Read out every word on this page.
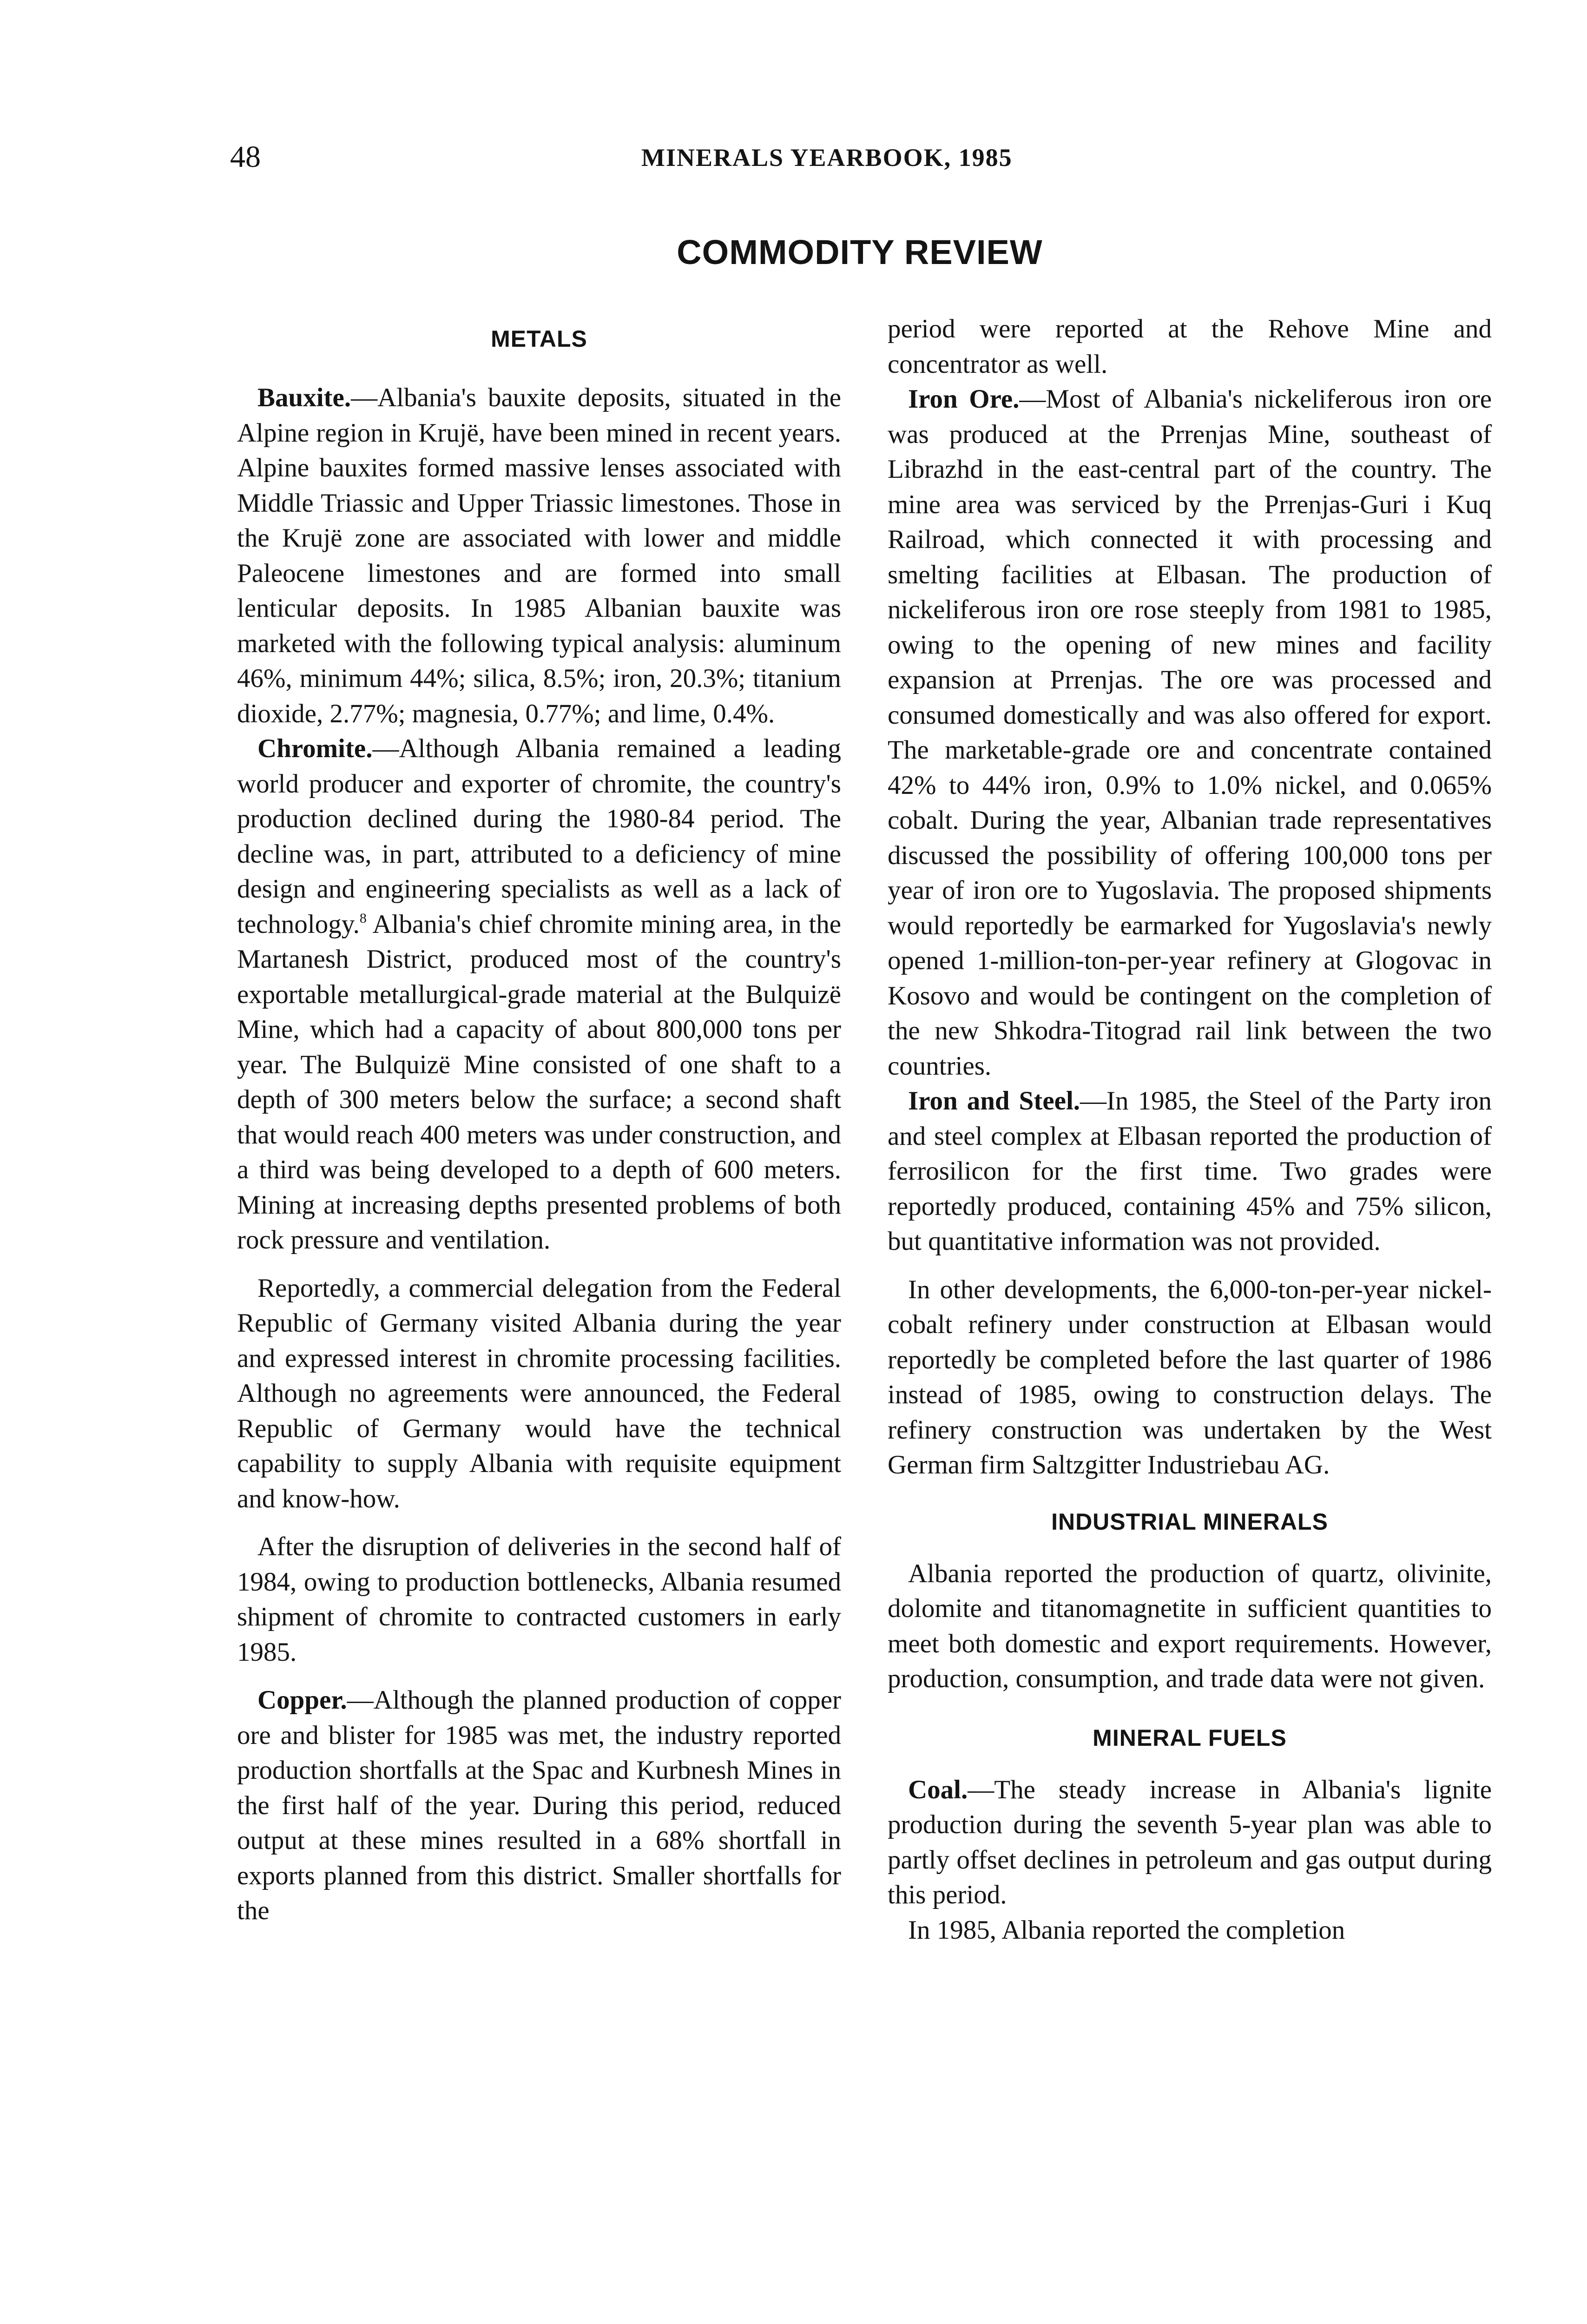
48	MINERALS YEARBOOK, 1985
COMMODITY REVIEW
METALS

Bauxite.—Albania's bauxite deposits, situated in the Alpine region in Krujë, have been mined in recent years. Alpine bauxites formed massive lenses associated with Middle Triassic and Upper Triassic limestones. Those in the Krujë zone are associated with lower and middle Paleocene limestones and are formed into small lenticular deposits. In 1985 Albanian bauxite was marketed with the following typical analysis: aluminum 46%, minimum 44%; silica, 8.5%; iron, 20.3%; titanium dioxide, 2.77%; magnesia, 0.77%; and lime, 0.4%.

Chromite.—Although Albania remained a leading world producer and exporter of chromite, the country's production declined during the 1980-84 period. The decline was, in part, attributed to a deficiency of mine design and engineering specialists as well as a lack of technology.$^8$ Albania's chief chromite mining area, in the Martanesh District, produced most of the country's exportable metallurgical-grade material at the Bulquizë Mine, which had a capacity of about 800,000 tons per year. The Bulquizë Mine consisted of one shaft to a depth of 300 meters below the surface; a second shaft that would reach 400 meters was under construction, and a third was being developed to a depth of 600 meters. Mining at increasing depths presented problems of both rock pressure and ventilation.

Reportedly, a commercial delegation from the Federal Republic of Germany visited Albania during the year and expressed interest in chromite processing facilities. Although no agreements were announced, the Federal Republic of Germany would have the technical capability to supply Albania with requisite equipment and know-how.

After the disruption of deliveries in the second half of 1984, owing to production bottlenecks, Albania resumed shipment of chromite to contracted customers in early 1985.

Copper.—Although the planned production of copper ore and blister for 1985 was met, the industry reported production shortfalls at the Spac and Kurbnesh Mines in the first half of the year. During this period, reduced output at these mines resulted in a 68% shortfall in exports planned from this district. Smaller shortfalls for the

period were reported at the Rehove Mine and concentrator as well.

Iron Ore.—Most of Albania's nickeliferous iron ore was produced at the Prrenjas Mine, southeast of Librazhd in the east-central part of the country. The mine area was serviced by the Prrenjas-Guri i Kuq Railroad, which connected it with processing and smelting facilities at Elbasan. The production of nickeliferous iron ore rose steeply from 1981 to 1985, owing to the opening of new mines and facility expansion at Prrenjas. The ore was processed and consumed domestically and was also offered for export. The marketable-grade ore and concentrate contained 42% to 44% iron, 0.9% to 1.0% nickel, and 0.065% cobalt. During the year, Albanian trade representatives discussed the possibility of offering 100,000 tons per year of iron ore to Yugoslavia. The proposed shipments would reportedly be earmarked for Yugoslavia's newly opened 1-million-ton-per-year refinery at Glogovac in Kosovo and would be contingent on the completion of the new Shkodra-Titograd rail link between the two countries.

Iron and Steel.—In 1985, the Steel of the Party iron and steel complex at Elbasan reported the production of ferrosilicon for the first time. Two grades were reportedly produced, containing 45% and 75% silicon, but quantitative information was not provided.

In other developments, the 6,000-ton-per-year nickel-cobalt refinery under construction at Elbasan would reportedly be completed before the last quarter of 1986 instead of 1985, owing to construction delays. The refinery construction was undertaken by the West German firm Saltzgitter Industriebau AG.

INDUSTRIAL MINERALS

Albania reported the production of quartz, olivinite, dolomite and titanomagnetite in sufficient quantities to meet both domestic and export requirements. However, production, consumption, and trade data were not given.

MINERAL FUELS

Coal.—The steady increase in Albania's lignite production during the seventh 5-year plan was able to partly offset declines in petroleum and gas output during this period.

In 1985, Albania reported the completion
